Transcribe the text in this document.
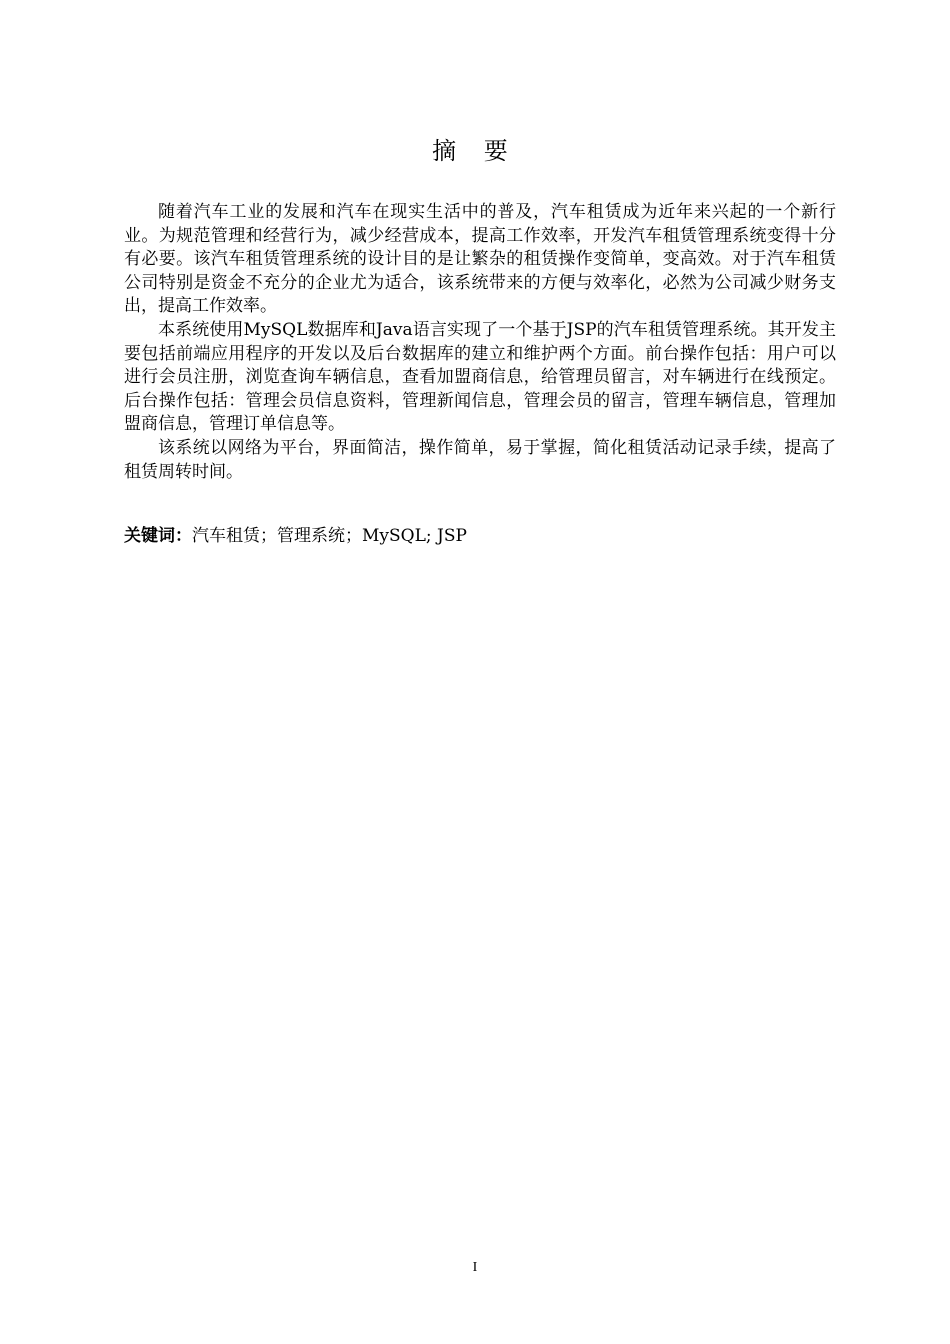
摘 要

随着汽车工业的发展和汽车在现实生活中的普及，汽车租赁成为近年来兴起的一个新行业。为规范管理和经营行为，减少经营成本，提高工作效率，开发汽车租赁管理系统变得十分有必要。该汽车租赁管理系统的设计目的是让繁杂的租赁操作变简单，变高效。对于汽车租赁公司特别是资金不充分的企业尤为适合，该系统带来的方便与效率化，必然为公司减少财务支出，提高工作效率。

本系统使用MySQL数据库和Java语言实现了一个基于JSP的汽车租赁管理系统。其开发主要包括前端应用程序的开发以及后台数据库的建立和维护两个方面。前台操作包括：用户可以进行会员注册，浏览查询车辆信息，查看加盟商信息，给管理员留言，对车辆进行在线预定。后台操作包括：管理会员信息资料，管理新闻信息，管理会员的留言，管理车辆信息，管理加盟商信息，管理订单信息等。

该系统以网络为平台，界面简洁，操作简单，易于掌握，简化租赁活动记录手续，提高了租赁周转时间。

关键词：汽车租赁；管理系统；MySQL; JSP
I
